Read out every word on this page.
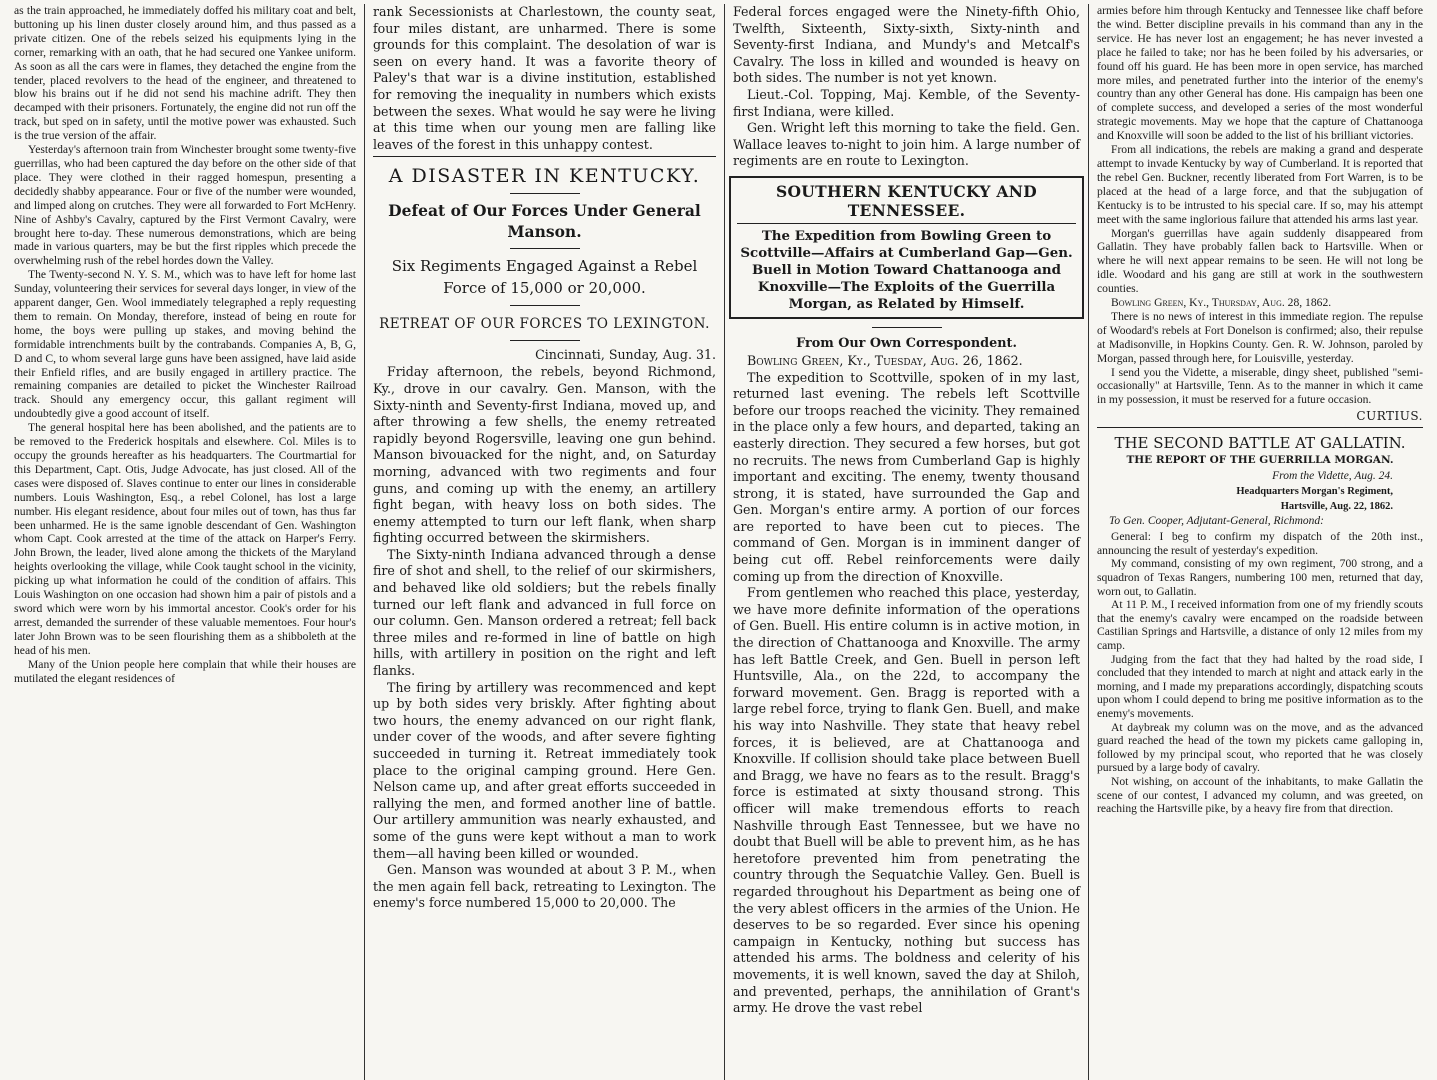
as the train approached, he immediately doffed his military coat and belt, buttoning up his linen duster closely around him, and thus passed as a private citizen. One of the rebels seized his equipments lying in the corner, remarking with an oath, that he had secured one Yankee uniform. As soon as all the cars were in flames, they detached the engine from the tender, placed revolvers to the head of the engineer, and threatened to blow his brains out if he did not send his machine adrift. They then decamped with their prisoners. Fortunately, the engine did not run off the track, but sped on in safety, until the motive power was exhausted. Such is the true version of the affair.

Yesterday's afternoon train from Winchester brought some twenty-five guerrillas, who had been captured the day before on the other side of that place. They were clothed in their ragged homespun, presenting a decidedly shabby appearance. Four or five of the number were wounded, and limped along on crutches. They were all forwarded to Fort McHenry. Nine of Ashby's Cavalry, captured by the First Vermont Cavalry, were brought here to-day. These numerous demonstrations, which are being made in various quarters, may be but the first ripples which precede the overwhelming rush of the rebel hordes down the Valley.

The Twenty-second N. Y. S. M., which was to have left for home last Sunday, volunteering their services for several days longer, in view of the apparent danger, Gen. Wool immediately telegraphed a reply requesting them to remain. On Monday, therefore, instead of being en route for home, the boys were pulling up stakes, and moving behind the formidable intrenchments built by the contrabands. Companies A, B, G, D and C, to whom several large guns have been assigned, have laid aside their Enfield rifles, and are busily engaged in artillery practice. The remaining companies are detailed to picket the Winchester Railroad track. Should any emergency occur, this gallant regiment will undoubtedly give a good account of itself.

The general hospital here has been abolished, and the patients are to be removed to the Frederick hospitals and elsewhere. Col. Miles is to occupy the grounds hereafter as his headquarters. The Courtmartial for this Department, Capt. Otis, Judge Advocate, has just closed. All of the cases were disposed of. Slaves continue to enter our lines in considerable numbers. Louis Washington, Esq., a rebel Colonel, has lost a large number. His elegant residence, about four miles out of town, has thus far been unharmed. He is the same ignoble descendant of Gen. Washington whom Capt. Cook arrested at the time of the attack on Harper's Ferry. John Brown, the leader, lived alone among the thickets of the Maryland heights overlooking the village, while Cook taught school in the vicinity, picking up what information he could of the condition of affairs. This Louis Washington on one occasion had shown him a pair of pistols and a sword which were worn by his immortal ancestor. Cook's order for his arrest, demanded the surrender of these valuable mementoes. Four hour's later John Brown was to be seen flourishing them as a shibboleth at the head of his men.

Many of the Union people here complain that while their houses are mutilated the elegant residences of

rank Secessionists at Charlestown, the county seat, four miles distant, are unharmed. There is some grounds for this complaint. The desolation of war is seen on every hand. It was a favorite theory of Paley's that war is a divine institution, established for removing the inequality in numbers which exists between the sexes. What would he say were he living at this time when our young men are falling like leaves of the forest in this unhappy contest.

A DISASTER IN KENTUCKY.
Defeat of Our Forces Under General Manson.
Six Regiments Engaged Against a Rebel Force of 15,000 or 20,000.
RETREAT OF OUR FORCES TO LEXINGTON.
Cincinnati, Sunday, Aug. 31.

Friday afternoon, the rebels, beyond Richmond, Ky., drove in our cavalry. Gen. Manson, with the Sixty-ninth and Seventy-first Indiana, moved up, and after throwing a few shells, the enemy retreated rapidly beyond Rogersville, leaving one gun behind. Manson bivouacked for the night, and, on Saturday morning, advanced with two regiments and four guns, and coming up with the enemy, an artillery fight began, with heavy loss on both sides. The enemy attempted to turn our left flank, when sharp fighting occurred between the skirmishers.

The Sixty-ninth Indiana advanced through a dense fire of shot and shell, to the relief of our skirmishers, and behaved like old soldiers; but the rebels finally turned our left flank and advanced in full force on our column. Gen. Manson ordered a retreat; fell back three miles and re-formed in line of battle on high hills, with artillery in position on the right and left flanks.

The firing by artillery was recommenced and kept up by both sides very briskly. After fighting about two hours, the enemy advanced on our right flank, under cover of the woods, and after severe fighting succeeded in turning it. Retreat immediately took place to the original camping ground. Here Gen. Nelson came up, and after great efforts succeeded in rallying the men, and formed another line of battle. Our artillery ammunition was nearly exhausted, and some of the guns were kept without a man to work them—all having been killed or wounded.

Gen. Manson was wounded at about 3 P. M., when the men again fell back, retreating to Lexington. The enemy's force numbered 15,000 to 20,000. The

Federal forces engaged were the Ninety-fifth Ohio, Twelfth, Sixteenth, Sixty-sixth, Sixty-ninth and Seventy-first Indiana, and Mundy's and Metcalf's Cavalry. The loss in killed and wounded is heavy on both sides. The number is not yet known.

Lieut.-Col. Topping, Maj. Kemble, of the Seventy-first Indiana, were killed.

Gen. Wright left this morning to take the field. Gen. Wallace leaves to-night to join him. A large number of regiments are en route to Lexington.

SOUTHERN KENTUCKY AND TENNESSEE.
The Expedition from Bowling Green to Scottville—Affairs at Cumberland Gap—Gen. Buell in Motion Toward Chattanooga and Knoxville—The Exploits of the Guerrilla Morgan, as Related by Himself.
From Our Own Correspondent.

Bowling Green, Ky., Tuesday, Aug. 26, 1862.

The expedition to Scottville, spoken of in my last, returned last evening. The rebels left Scottville before our troops reached the vicinity. They remained in the place only a few hours, and departed, taking an easterly direction. They secured a few horses, but got no recruits. The news from Cumberland Gap is highly important and exciting. The enemy, twenty thousand strong, it is stated, have surrounded the Gap and Gen. Morgan's entire army. A portion of our forces are reported to have been cut to pieces. The command of Gen. Morgan is in imminent danger of being cut off. Rebel reinforcements were daily coming up from the direction of Knoxville.

From gentlemen who reached this place, yesterday, we have more definite information of the operations of Gen. Buell. His entire column is in active motion, in the direction of Chattanooga and Knoxville. The army has left Battle Creek, and Gen. Buell in person left Huntsville, Ala., on the 22d, to accompany the forward movement. Gen. Bragg is reported with a large rebel force, trying to flank Gen. Buell, and make his way into Nashville. They state that heavy rebel forces, it is believed, are at Chattanooga and Knoxville. If collision should take place between Buell and Bragg, we have no fears as to the result. Bragg's force is estimated at sixty thousand strong. This officer will make tremendous efforts to reach Nashville through East Tennessee, but we have no doubt that Buell will be able to prevent him, as he has heretofore prevented him from penetrating the country through the Sequatchie Valley. Gen. Buell is regarded throughout his Department as being one of the very ablest officers in the armies of the Union. He deserves to be so regarded. Ever since his opening campaign in Kentucky, nothing but success has attended his arms. The boldness and celerity of his movements, it is well known, saved the day at Shiloh, and prevented, perhaps, the annihilation of Grant's army. He drove the vast rebel

armies before him through Kentucky and Tennessee like chaff before the wind. Better discipline prevails in his command than any in the service. He has never lost an engagement; he has never invested a place he failed to take; nor has he been foiled by his adversaries, or found off his guard. He has been more in open service, has marched more miles, and penetrated further into the interior of the enemy's country than any other General has done. His campaign has been one of complete success, and developed a series of the most wonderful strategic movements. May we hope that the capture of Chattanooga and Knoxville will soon be added to the list of his brilliant victories.

From all indications, the rebels are making a grand and desperate attempt to invade Kentucky by way of Cumberland. It is reported that the rebel Gen. Buckner, recently liberated from Fort Warren, is to be placed at the head of a large force, and that the subjugation of Kentucky is to be intrusted to his special care. If so, may his attempt meet with the same inglorious failure that attended his arms last year.

Morgan's guerrillas have again suddenly disappeared from Gallatin. They have probably fallen back to Hartsville. When or where he will next appear remains to be seen. He will not long be idle. Woodard and his gang are still at work in the southwestern counties.

Bowling Green, Ky., Thursday, Aug. 28, 1862.

There is no news of interest in this immediate region. The repulse of Woodard's rebels at Fort Donelson is confirmed; also, their repulse at Madisonville, in Hopkins County. Gen. R. W. Johnson, paroled by Morgan, passed through here, for Louisville, yesterday.

I send you the Vidette, a miserable, dingy sheet, published "semi-occasionally" at Hartsville, Tenn. As to the manner in which it came in my possession, it must be reserved for a future occasion.

CURTIUS.
THE SECOND BATTLE AT GALLATIN.
THE REPORT OF THE GUERRILLA MORGAN.
From the Vidette, Aug. 24.
Headquarters Morgan's Regiment,
Hartsville, Aug. 22, 1862.
To Gen. Cooper, Adjutant-General, Richmond:

General: I beg to confirm my dispatch of the 20th inst., announcing the result of yesterday's expedition.

My command, consisting of my own regiment, 700 strong, and a squadron of Texas Rangers, numbering 100 men, returned that day, worn out, to Gallatin.

At 11 P. M., I received information from one of my friendly scouts that the enemy's cavalry were encamped on the roadside between Castilian Springs and Hartsville, a distance of only 12 miles from my camp.

Judging from the fact that they had halted by the road side, I concluded that they intended to march at night and attack early in the morning, and I made my preparations accordingly, dispatching scouts upon whom I could depend to bring me positive information as to the enemy's movements.

At daybreak my column was on the move, and as the advanced guard reached the head of the town my pickets came galloping in, followed by my principal scout, who reported that he was closely pursued by a large body of cavalry.

Not wishing, on account of the inhabitants, to make Gallatin the scene of our contest, I advanced my column, and was greeted, on reaching the Hartsville pike, by a heavy fire from that direction.
